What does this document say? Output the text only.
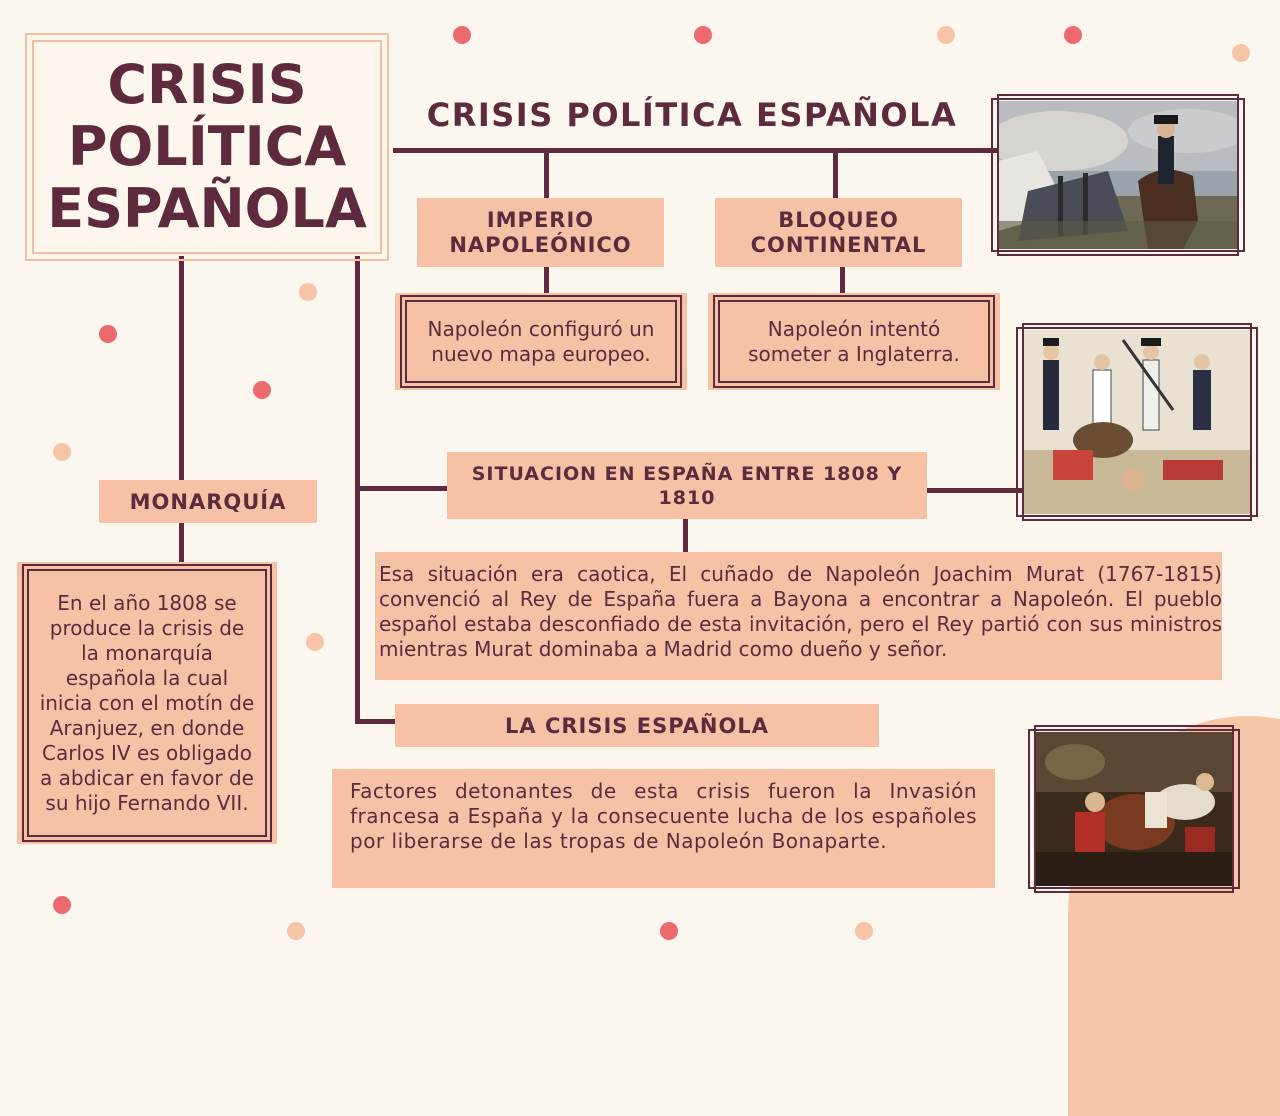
CRISIS
POLÍTICA
ESPAÑOLA
CRISIS POLÍTICA ESPAÑOLA
IMPERIO
NAPOLEÓNICO
Napoleón configuró un
nuevo mapa europeo.
BLOQUEO
CONTINENTAL
Napoleón intentó
someter a Inglaterra.
MONARQUÍA
En el año 1808 se produce la crisis de la monarquía española la cual inicia con el motín de Aranjuez, en donde Carlos IV es obligado a abdicar en favor de su hijo Fernando VII.
SITUACION EN ESPAÑA ENTRE 1808 Y 1810
Esa situación era caotica, El cuñado de Napoleón Joachim Murat (1767-1815) convenció al Rey de España fuera a Bayona a encontrar a Napoleón. El pueblo español estaba desconfiado de esta invitación, pero el Rey partió con sus ministros mientras Murat dominaba a Madrid como dueño y señor.
LA CRISIS ESPAÑOLA
Factores detonantes de esta crisis fueron la Invasión francesa a España y la consecuente lucha de los españoles por liberarse de las tropas de Napoleón Bonaparte.
